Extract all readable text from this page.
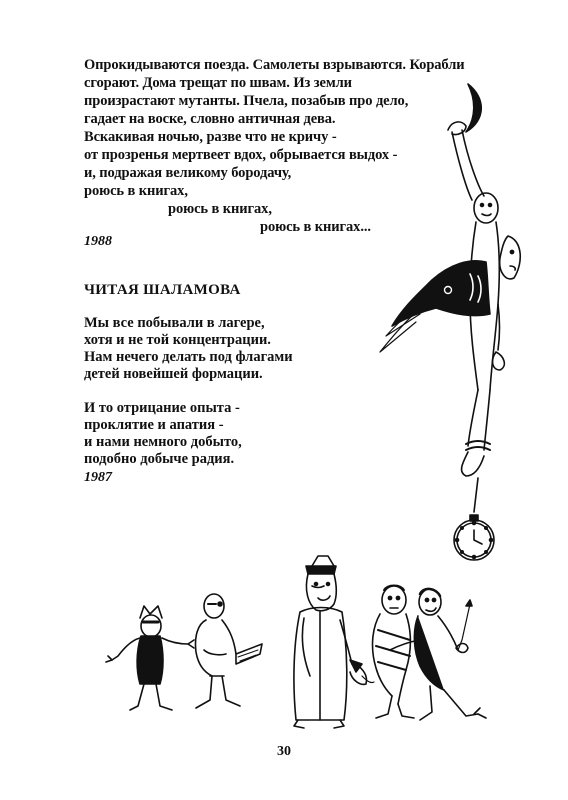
Опрокидываются поезда. Самолеты взрываются. Корабли
сгорают. Дома трещат по швам. Из земли
произрастают мутанты. Пчела, позабыв про дело,
гадает на воске, словно античная дева.
Вскакивая ночью, разве что не кричу -
от прозренья мертвеет вдох, обрывается выдох -
и, подражая великому бородачу,
роюсь в книгах,
роюсь в книгах,
роюсь в книгах...
1988
ЧИТАЯ ШАЛАМОВА
Мы все побывали в лагере,
хотя и не той концентрации.
Нам нечего делать под флагами
детей новейшей формации.
И то отрицание опыта -
проклятие и апатия -
и нами немного добыто,
подобно добыче радия.
1987
30
